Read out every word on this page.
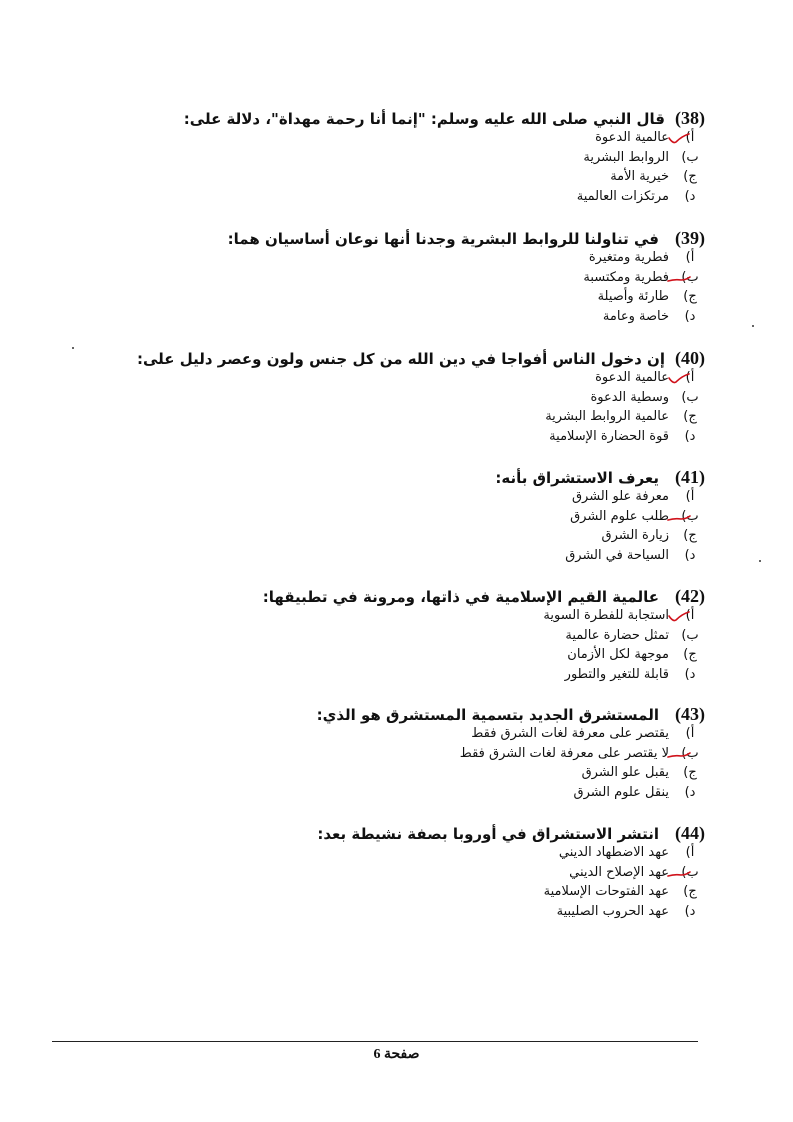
(38)
قال النبي صلى الله عليه وسلم: "إنما أنا رحمة مهداة"، دلالة على:
أ)
عالمية الدعوة
ب)
الروابط البشرية
ج)
خيرية الأمة
د)
مرتكزات العالمية
(39)
في تناولنا للروابط البشرية وجدنا أنها نوعان أساسيان هما:
أ)
فطرية ومتغيرة
ب)
فطرية ومكتسبة
ج)
طارئة وأصيلة
د)
خاصة وعامة
(40)
إن دخول الناس أفواجا في دين الله من كل جنس ولون وعصر دليل على:
أ)
عالمية الدعوة
ب)
وسطية الدعوة
ج)
عالمية الروابط البشرية
د)
قوة الحضارة الإسلامية
(41)
يعرف الاستشراق بأنه:
أ)
معرفة علو الشرق
ب)
طلب علوم الشرق
ج)
زيارة الشرق
د)
السياحة في الشرق
(42)
عالمية القيم الإسلامية في ذاتها، ومرونة في تطبيقها:
أ)
استجابة للفطرة السوية
ب)
تمثل حضارة عالمية
ج)
موجهة لكل الأزمان
د)
قابلة للتغير والتطور
(43)
المستشرق الجديد بتسمية المستشرق هو الذي:
أ)
يقتصر على معرفة لغات الشرق فقط
ب)
لا يقتصر على معرفة لغات الشرق فقط
ج)
يقبل علو الشرق
د)
ينقل علوم الشرق
(44)
انتشر الاستشراق في أوروبا بصفة نشيطة بعد:
أ)
عهد الاضطهاد الديني
ب)
عهد الإصلاح الديني
ج)
عهد الفتوحات الإسلامية
د)
عهد الحروب الصليبية
صفحة 6
